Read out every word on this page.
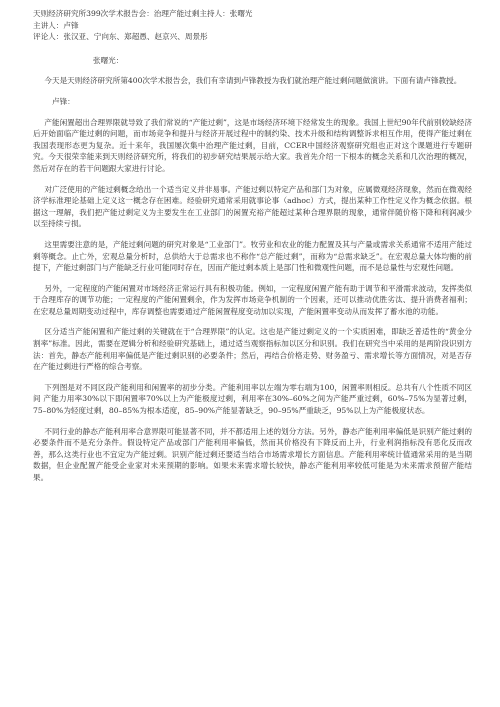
天则经济研究所399次学术报告会：治理产能过剩主持人：张曙光

主讲人：卢锋

评论人：张汉亚、宁向东、郑超愚、赵京兴、周景彤

张曙光：

今天是天则经济研究所第400次学术报告会，我们有幸请到卢锋教授为我们就治理产能过剩问题做演讲。下面有请卢锋教授。

卢锋：

产能闲置超出合理界限就导致了我们常说的“产能过剩”，这是市场经济环境下经常发生的现象。我国上世纪90年代前别较缺经济后开始面临产能过剩的问题，而市场竞争和提升与经济开展过程中的制约染、技术升级和结构调整诉求相互作用，使得产能过剩在我国表现形态更为复杂。近十来年，我国屡次集中治理产能过剩，目前，CCER中国经济观察研究组也正对这个课题进行专题研究。今天很荣幸能来到天则经济研究所，将我们的初步研究结果展示给大家。我首先介绍一下根本的概念关系和几次治理的概况，然后对存在的若干问题跟大家进行讨论。

对广泛使用的产能过剩概念给出一个适当定义并非易事。产能过剩以特定产品和部门为对象，应属微观经济现象，然而在微观经济学标准理论基础上定义这一概念存在困难。经验研究通常采用就事论事（adhoc）方式，提出某种工作性定义作为概念依据。根据这一理解，我们把产能过剩定义为主要发生在工业部门的闲置充裕产能超过某种合理界限的现象，通常伴随价格下降和利润减少以至持续亏损。

这里需要注意的是，产能过剩问题的研究对象是“工业部门”。牧劳业和农业的能力配置及其与产量或需求关系通常不适用产能过剩等概念。止亡外，宏观总量分析时，总供给大于总需求也不称作“总产能过剩”，而称为“总需求缺乏”。在宏观总量大体均衡的前提下，产能过剩部门与产能缺乏行业可能同时存在，因而产能过剩本质上是部门性和微观性问题，而不是总量性与宏观性问题。

另外，一定程度的产能闲置对市场经济正常运行具有积极功能。例如，一定程度闲置产能有助于调节和平滑需求波动，发挥类似于合理库存的调节功能；一定程度的产能闲置剩余，作为发挥市场竞争机制的一个因素，还可以推动优胜劣汰、提升消费者福利；在宏观总量周期变动过程中，库存调整也需要通过产能闲置程度变动加以实现，产能闲置率变动从而发挥了蓄水池的功能。

区分适当产能闲置和产能过剩的关键就在于“合理界限”的认定。这也是产能过剩定义的一个实质困难，即缺乏普适性的“黄金分割率”标准。因此，需要在逻辑分析和经验研究基础上，通过适当观察指标加以区分和识别。我们在研究当中采用的是两阶段识别方法：首先，静态产能利用率偏低是产能过剩识别的必要条件；然后，再结合价格走势、财务盈亏、需求增长等方面情况，对是否存在产能过剩进行严格的综合考察。

下列图是对不同区段产能利用和闲置率的初步分类。产能利用率以左端为零右端为100，闲置率则相反。总共有八个性质不同区间 产能力用率30%以下即闲置率70%以上为产能极度过剩，利用率在30%–60%之间为产能严重过剩，60%–75%为显著过剩，75–80%为轻度过剩，80–85%为根本适度，85–90%产能显著缺乏，90–95%严重缺乏，95%以上为产能极度状态。

不同行业的静态产能利用率合意界限可能显著不同，并不都适用上述的划分方法。另外，静态产能利用率偏低是识别产能过剩的必要条件而不是充分条件。假设特定产品或部门产能利用率偏低，然而其价格没有下降反而上升，行业利润指标没有恶化反而改善，那么这类行业也不宜定为产能过剩。识别产能过剩还要适当结合市场需求增长方面信息。产能利用率统计值通常采用的是当期数据，但企业配置产能受企业家对未来预期的影响。如果未来需求增长较快，静态产能利用率较低可能是为未来需求预留产能结果。
